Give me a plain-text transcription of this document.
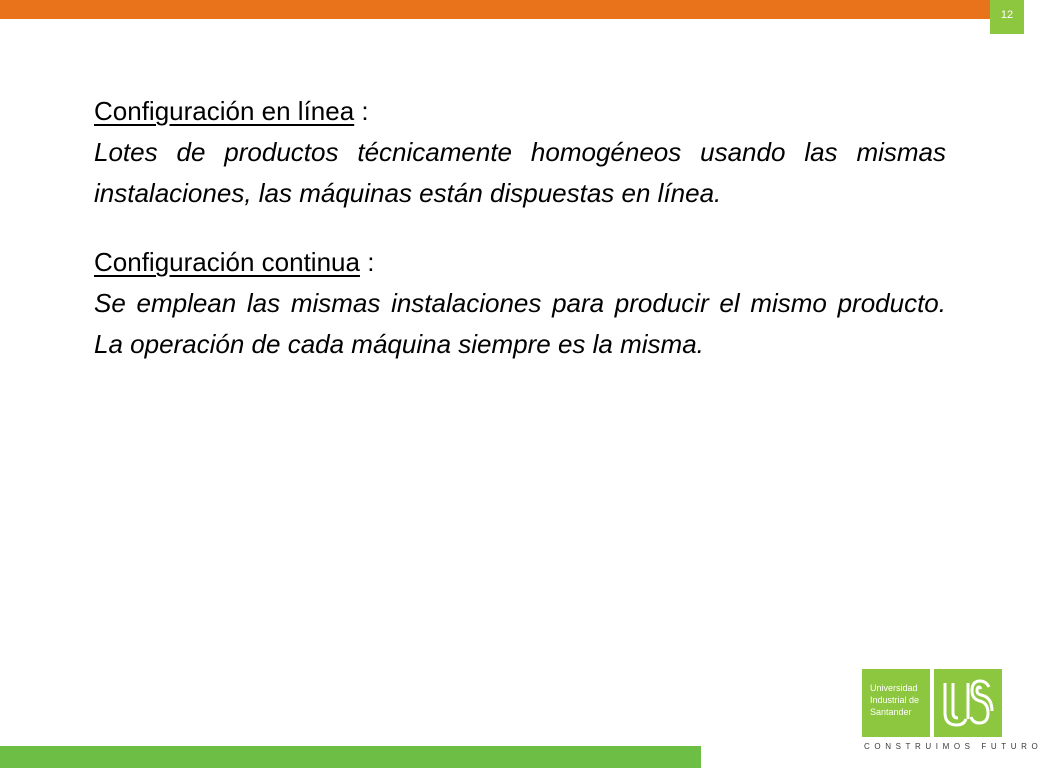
12

Configuración en línea :

Lotes de productos técnicamente homogéneos usando las mismas instalaciones, las máquinas están dispuestas en línea.

Configuración continua :

Se emplean las mismas instalaciones para producir el mismo producto. La operación de cada máquina siempre es la misma.

Universidad
Industrial de
Santander
CONSTRUIMOS FUTURO
